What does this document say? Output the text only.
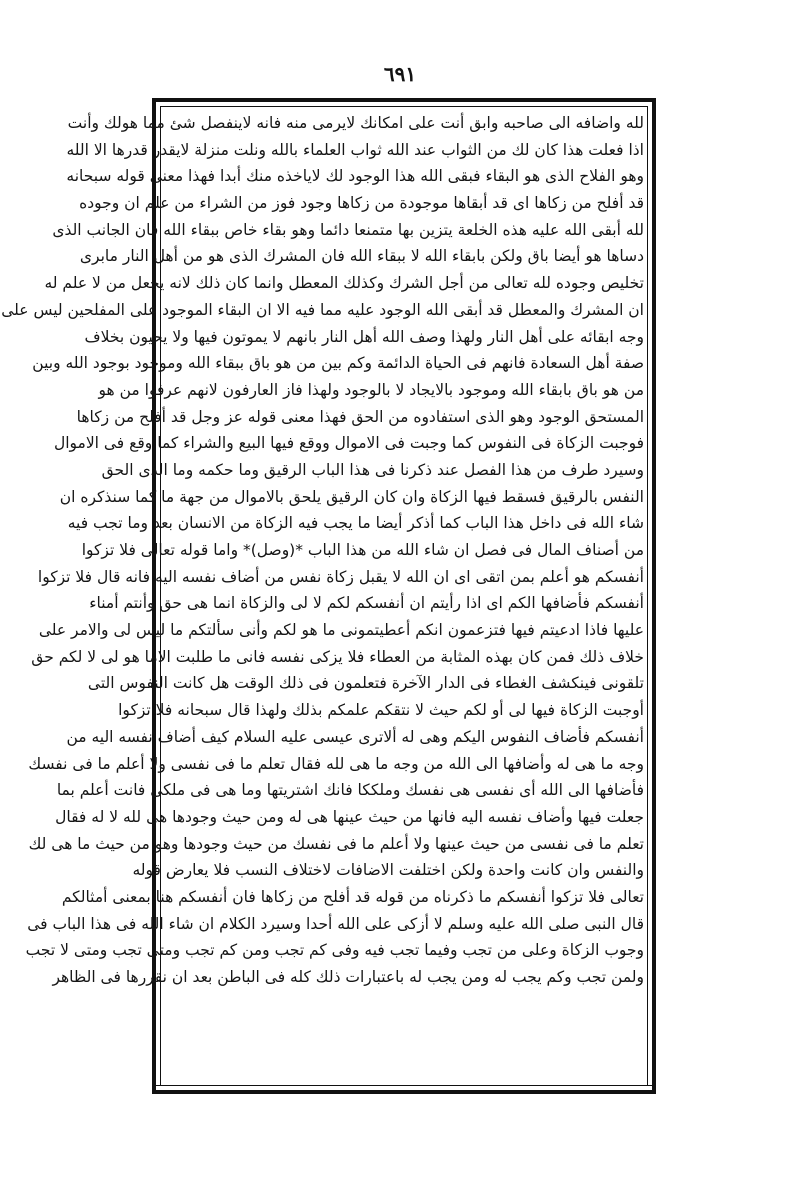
٦٩١
لله واضافه الى صاحبه وابق أنت على امكانك لايرمى منه فانه لاينفصل شئ مما هولك وأنت
اذا فعلت هذا كان لك من الثواب عند الله ثواب العلماء بالله ونلت منزلة لايقدر قدرها الا الله
وهو الفلاح الذى هو البقاء فبقى الله هذا الوجود لك لاياخذه منك أبدا فهذا معنى قوله سبحانه
قد أفلح من زكاها اى قد أبقاها موجودة من زكاها وجود فوز من الشراء من علم ان وجوده
لله أبقى الله عليه هذه الخلعة يتزين بها متمنعا دائما وهو بقاء خاص ببقاء الله فان الجانب الذى
دساها هو أيضا باق ولكن بابقاء الله لا ببقاء الله فان المشرك الذى هو من أهل النار مابرى
تخليص وجوده لله تعالى من أجل الشرك وكذلك المعطل وانما كان ذلك لانه يجعل من لا علم له
ان المشرك والمعطل قد أبقى الله الوجود عليه مما فيه الا ان البقاء الموجود على المفلحين ليس على
وجه ابقائه على أهل النار ولهذا وصف الله أهل النار بانهم لا يموتون فيها ولا يحيون بخلاف
صفة أهل السعادة فانهم فى الحياة الدائمة وكم بين من هو باق ببقاء الله وموجود بوجود الله وبين
من هو باق بابقاء الله وموجود بالايجاد لا بالوجود ولهذا فاز العارفون لانهم عرفوا من هو
المستحق الوجود وهو الذى استفادوه من الحق فهذا معنى قوله عز وجل قد أفلح من زكاها
فوجبت الزكاة فى النفوس كما وجبت فى الاموال ووقع فيها البيع والشراء كما وقع فى الاموال
وسيرد طرف من هذا الفصل عند ذكرنا فى هذا الباب الرقيق وما حكمه وما الذى الحق
النفس بالرقيق فسقط فيها الزكاة وان كان الرقيق يلحق بالاموال من جهة ما كما سنذكره ان
شاء الله فى داخل هذا الباب كما أذكر أيضا ما يجب فيه الزكاة من الانسان بعد وما تجب فيه
من أصناف المال فى فصل ان شاء الله من هذا الباب *(وصل)* واما قوله تعالى فلا تزكوا
أنفسكم هو أعلم بمن اتقى اى ان الله لا يقبل زكاة نفس من أضاف نفسه اليه فانه قال فلا تزكوا
أنفسكم فأضافها الكم اى اذا رأيتم ان أنفسكم لكم لا لى والزكاة انما هى حق وأنتم أمناء
عليها فاذا ادعيتم فيها فتزعمون انكم أعطيتمونى ما هو لكم وأنى سألتكم ما ليس لى والامر على
خلاف ذلك فمن كان بهذه المثابة من العطاء فلا يزكى نفسه فانى ما طلبت الاما هو لى لا لكم حق
تلقونى فينكشف الغطاء فى الدار الآخرة فتعلمون فى ذلك الوقت هل كانت النفوس التى
أوجبت الزكاة فيها لى أو لكم حيث لا نتقكم علمكم بذلك ولهذا قال سبحانه فلا تزكوا
أنفسكم فأضاف النفوس اليكم وهى له ألاترى عيسى عليه السلام كيف أضاف نفسه اليه من
وجه ما هى له وأضافها الى الله من وجه ما هى لله فقال تعلم ما فى نفسى ولا أعلم ما فى نفسك
فأضافها الى الله أى نفسى هى نفسك وملككا فانك اشتريتها وما هى فى ملكى فانت أعلم بما
جعلت فيها وأضاف نفسه اليه فانها من حيث عينها هى له ومن حيث وجودها هى لله لا له فقال
تعلم ما فى نفسى من حيث عينها ولا أعلم ما فى نفسك من حيث وجودها وهو من حيث ما هى لك
والنفس وان كانت واحدة ولكن اختلفت الاضافات لاختلاف النسب فلا يعارض قوله
تعالى فلا تزكوا أنفسكم ما ذكرناه من قوله قد أفلح من زكاها فان أنفسكم هنا بمعنى أمثالكم
قال النبى صلى الله عليه وسلم لا أزكى على الله أحدا وسيرد الكلام ان شاء الله فى هذا الباب فى
وجوب الزكاة وعلى من تجب وفيما تجب فيه وفى كم تجب ومن كم تجب ومتى تجب ومتى لا تجب
ولمن تجب وكم يجب له ومن يجب له باعتبارات ذلك كله فى الباطن بعد ان نقررها فى الظاهر
